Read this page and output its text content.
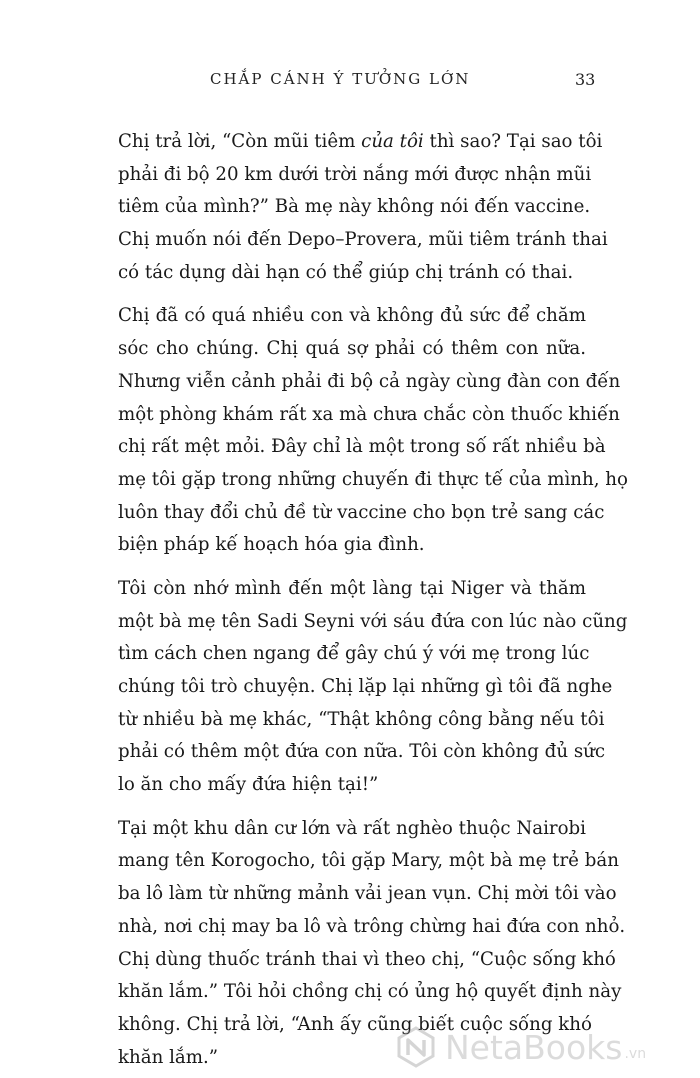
CHẮP CÁNH Ý TƯỞNG LỚN	33
Chị trả lời, “Còn mũi tiêm của tôi thì sao? Tại sao tôi
phải đi bộ 20 km dưới trời nắng mới được nhận mũi
tiêm của mình?” Bà mẹ này không nói đến vaccine.
Chị muốn nói đến Depo–Provera, mũi tiêm tránh thai
có tác dụng dài hạn có thể giúp chị tránh có thai.
Chị đã có quá nhiều con và không đủ sức để chăm
sóc cho chúng. Chị quá sợ phải có thêm con nữa.
Nhưng viễn cảnh phải đi bộ cả ngày cùng đàn con đến
một phòng khám rất xa mà chưa chắc còn thuốc khiến
chị rất mệt mỏi. Đây chỉ là một trong số rất nhiều bà
mẹ tôi gặp trong những chuyến đi thực tế của mình, họ
luôn thay đổi chủ đề từ vaccine cho bọn trẻ sang các
biện pháp kế hoạch hóa gia đình.
Tôi còn nhớ mình đến một làng tại Niger và thăm
một bà mẹ tên Sadi Seyni với sáu đứa con lúc nào cũng
tìm cách chen ngang để gây chú ý với mẹ trong lúc
chúng tôi trò chuyện. Chị lặp lại những gì tôi đã nghe
từ nhiều bà mẹ khác, “Thật không công bằng nếu tôi
phải có thêm một đứa con nữa. Tôi còn không đủ sức
lo ăn cho mấy đứa hiện tại!”
Tại một khu dân cư lớn và rất nghèo thuộc Nairobi
mang tên Korogocho, tôi gặp Mary, một bà mẹ trẻ bán
ba lô làm từ những mảnh vải jean vụn. Chị mời tôi vào
nhà, nơi chị may ba lô và trông chừng hai đứa con nhỏ.
Chị dùng thuốc tránh thai vì theo chị, “Cuộc sống khó
khăn lắm.” Tôi hỏi chồng chị có ủng hộ quyết định này
không. Chị trả lời, “Anh ấy cũng biết cuộc sống khó
khăn lắm.”	NetaBooks .vn
